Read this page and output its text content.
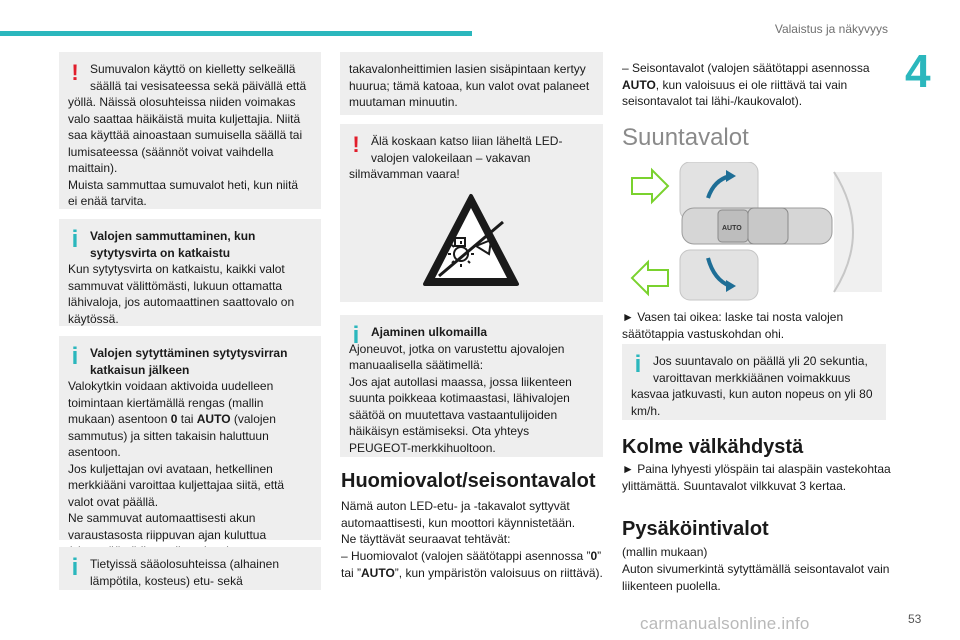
Valaistus ja näkyvyys
4
! Sumuvalon käyttö on kielletty selkeällä säällä tai vesisateessa sekä päivällä että

yöllä. Näissä olosuhteissa niiden voimakas valo saattaa häikäistä muita kuljettajia. Niitä saa käyttää ainoastaan sumuisella säällä tai lumisateessa (säännöt voivat vaihdella maittain).

Muista sammuttaa sumuvalot heti, kun niitä ei enää tarvita.

i Valojen sammuttaminen, kun sytytysvirta on katkaistu

Kun sytytysvirta on katkaistu, kaikki valot sammuvat välittömästi, lukuun ottamatta lähivaloja, jos automaattinen saattovalo on käytössä.

i Valojen sytyttäminen sytytysvirran katkaisun jälkeen

Valokytkin voidaan aktivoida uudelleen toimintaan kiertämällä rengas (mallin mukaan) asentoon 0 tai AUTO (valojen sammutus) ja sitten takaisin haluttuun asentoon.

Jos kuljettajan ovi avataan, hetkellinen merkkiääni varoittaa kuljettajaa siitä, että valot ovat päällä.

Ne sammuvat automaattisesti akun varaustasosta riippuvan ajan kuluttua

i Tietyissä sääolosuhteissa (alhainen lämpötila, kosteus) etu- sekä

takavalonheittimien lasien sisäpintaan kertyy huurua; tämä katoaa, kun valot ovat palaneet muutaman minuutin.

! Älä koskaan katso liian läheltä LED-valojen valokeilaan – vakavan

silmävamman vaara!

i Ajaminen ulkomailla

Ajoneuvot, jotka on varustettu ajovalojen manuaalisella säätimellä:

Jos ajat autollasi maassa, jossa liikenteen suunta poikkeaa kotimaastasi, lähivalojen säätöä on muutettava vastaantulijoiden häikäisyn estämiseksi. Ota yhteys PEUGEOT-merkkihuoltoon.

Huomiovalot/seisontavalot

Nämä auton LED-etu- ja -takavalot syttyvät automaattisesti, kun moottori käynnistetään.

Ne täyttävät seuraavat tehtävät:

– Huomiovalot (valojen säätötappi asennossa ”0” tai ”AUTO”, kun ympäristön valoisuus on riittävä).

– Seisontavalot (valojen säätötappi asennossa AUTO, kun valoisuus ei ole riittävä tai vain seisontavalot tai lähi-/kaukovalot).

Suuntavalot
AUTO

► Vasen tai oikea: laske tai nosta valojen säätötappia vastuskohdan ohi.

i Jos suuntavalo on päällä yli 20 sekuntia, varoittavan merkkiäänen voimakkuus

kasvaa jatkuvasti, kun auton nopeus on yli 80 km/h.

Kolme välkähdystä

► Paina lyhyesti ylöspäin tai alaspäin vastekohtaa ylittämättä. Suuntavalot vilkkuvat 3 kertaa.

Pysäköintivalot

(mallin mukaan)

Auton sivumerkintä sytyttämällä seisontavalot vain liikenteen puolella.

carmanualsonline.info	53
